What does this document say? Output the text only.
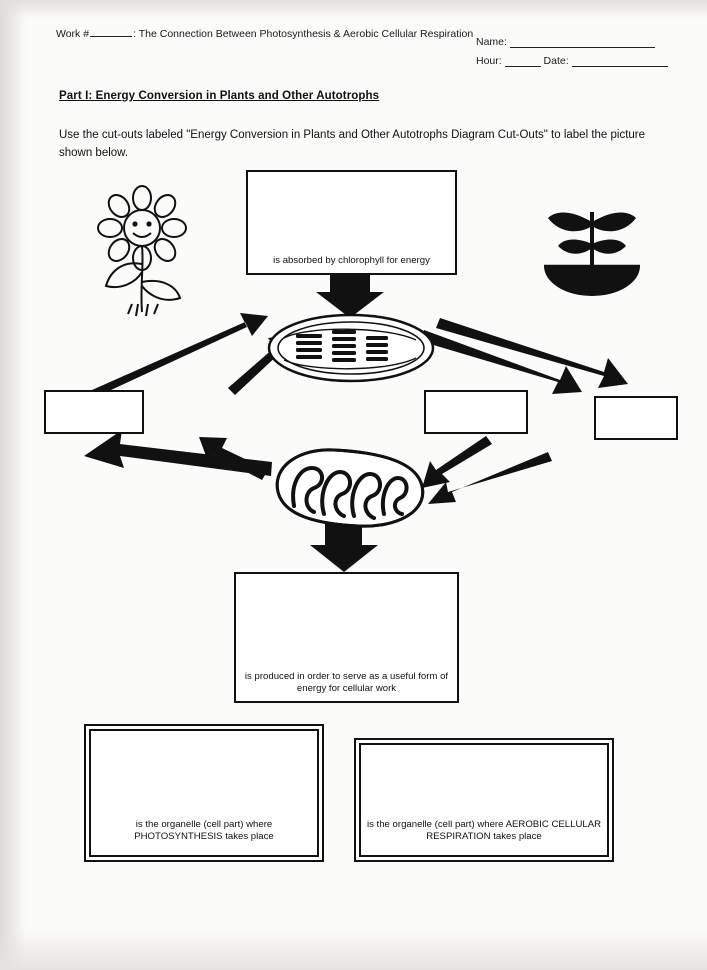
Work #	: The Connection Between Photosynthesis & Aerobic Cellular Respiration
Name:
Hour:	Date:
Part I: Energy Conversion in Plants and Other Autotrophs
Use the cut-outs labeled "Energy Conversion in Plants and Other Autotrophs Diagram Cut-Outs" to label the picture shown below.
is absorbed by chlorophyll for energy
is produced in order to serve as a useful form of energy for cellular work
is the organelle (cell part) where PHOTOSYNTHESIS takes place
is the organelle (cell part) where AEROBIC CELLULAR RESPIRATION takes place
